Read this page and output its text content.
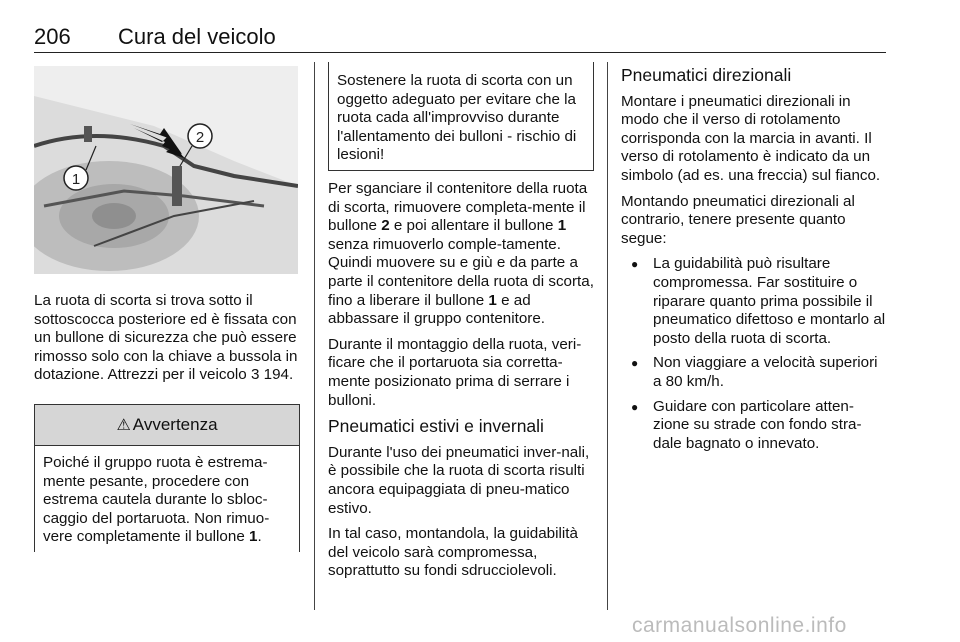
206 Cura del veicolo
2
1

La ruota di scorta si trova sotto il sottoscocca posteriore ed è fissata con un bullone di sicurezza che può essere rimosso solo con la chiave a bussola in dotazione. Attrezzi per il veicolo 3 194.

⚠ Avvertenza
Poiché il gruppo ruota è estrema-mente pesante, procedere con estrema cautela durante lo sbloc-caggio del portaruota. Non rimuo-vere completamente il bullone 1.
Sostenere la ruota di scorta con un oggetto adeguato per evitare che la ruota cada all'improvviso durante l'allentamento dei bulloni - rischio di lesioni!

Per sganciare il contenitore della ruota di scorta, rimuovere completa-mente il bullone 2 e poi allentare il bullone 1 senza rimuoverlo comple-tamente. Quindi muovere su e giù e da parte a parte il contenitore della ruota di scorta, fino a liberare il bullone 1 e ad abbassare il gruppo contenitore.

Durante il montaggio della ruota, veri-ficare che il portaruota sia corretta-mente posizionato prima di serrare i bulloni.

Pneumatici estivi e invernali

Durante l'uso dei pneumatici inver-nali, è possibile che la ruota di scorta risulti ancora equipaggiata di pneu-matico estivo.

In tal caso, montandola, la guidabilità del veicolo sarà compromessa, soprattutto su fondi sdrucciolevoli.

Pneumatici direzionali

Montare i pneumatici direzionali in modo che il verso di rotolamento corrisponda con la marcia in avanti. Il verso di rotolamento è indicato da un simbolo (ad es. una freccia) sul fianco.

Montando pneumatici direzionali al contrario, tenere presente quanto segue:

● La guidabilità può risultare compromessa. Far sostituire o riparare quanto prima possibile il pneumatico difettoso e montarlo al posto della ruota di scorta.
● Non viaggiare a velocità superiori a 80 km/h.
● Guidare con particolare atten-zione su strade con fondo stra-dale bagnato o innevato.
carmanualsonline.info
